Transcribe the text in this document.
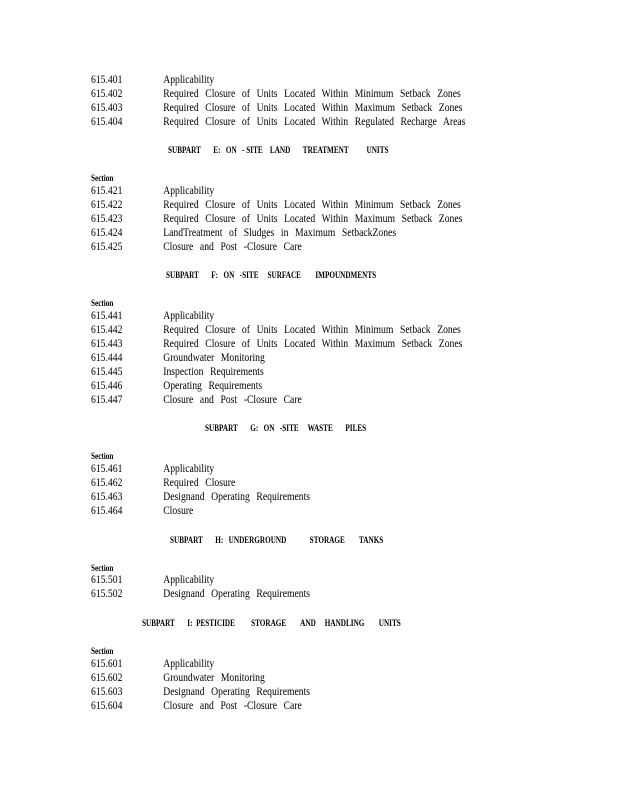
615.401	Applicability
615.402	Required Closure of Units Located Within Minimum Setback Zones
615.403	Required Closure of Units Located Within Maximum Setback Zones
615.404	Required Closure of Units Located Within Regulated Recharge Areas
SUBPART       E:   ON   - SITE    LAND       TREATMENT          UNITS
Section
615.421	Applicability
615.422	Required Closure of Units Located Within Minimum Setback Zones
615.423	Required Closure of Units Located Within Maximum Setback Zones
615.424	LandTreatment of Sludges in Maximum SetbackZones
615.425	Closure and Post -Closure Care
SUBPART       F:   ON   -SITE     SURFACE        IMPOUNDMENTS
Section
615.441	Applicability
615.442	Required Closure of Units Located Within Minimum Setback Zones
615.443	Required Closure of Units Located Within Maximum Setback Zones
615.444	Groundwater Monitoring
615.445	Inspection Requirements
615.446	Operating Requirements
615.447	Closure and Post -Closure Care
SUBPART       G:   ON   -SITE     WASTE       PILES
Section
615.461	Applicability
615.462	Required Closure
615.463	Designand Operating Requirements
615.464	Closure
SUBPART       H:   UNDERGROUND             STORAGE        TANKS
Section
615.501	Applicability
615.502	Designand Operating Requirements
SUBPART       I:  PESTICIDE         STORAGE        AND     HANDLING        UNITS
Section
615.601	Applicability
615.602	Groundwater Monitoring
615.603	Designand Operating Requirements
615.604	Closure and Post -Closure Care
